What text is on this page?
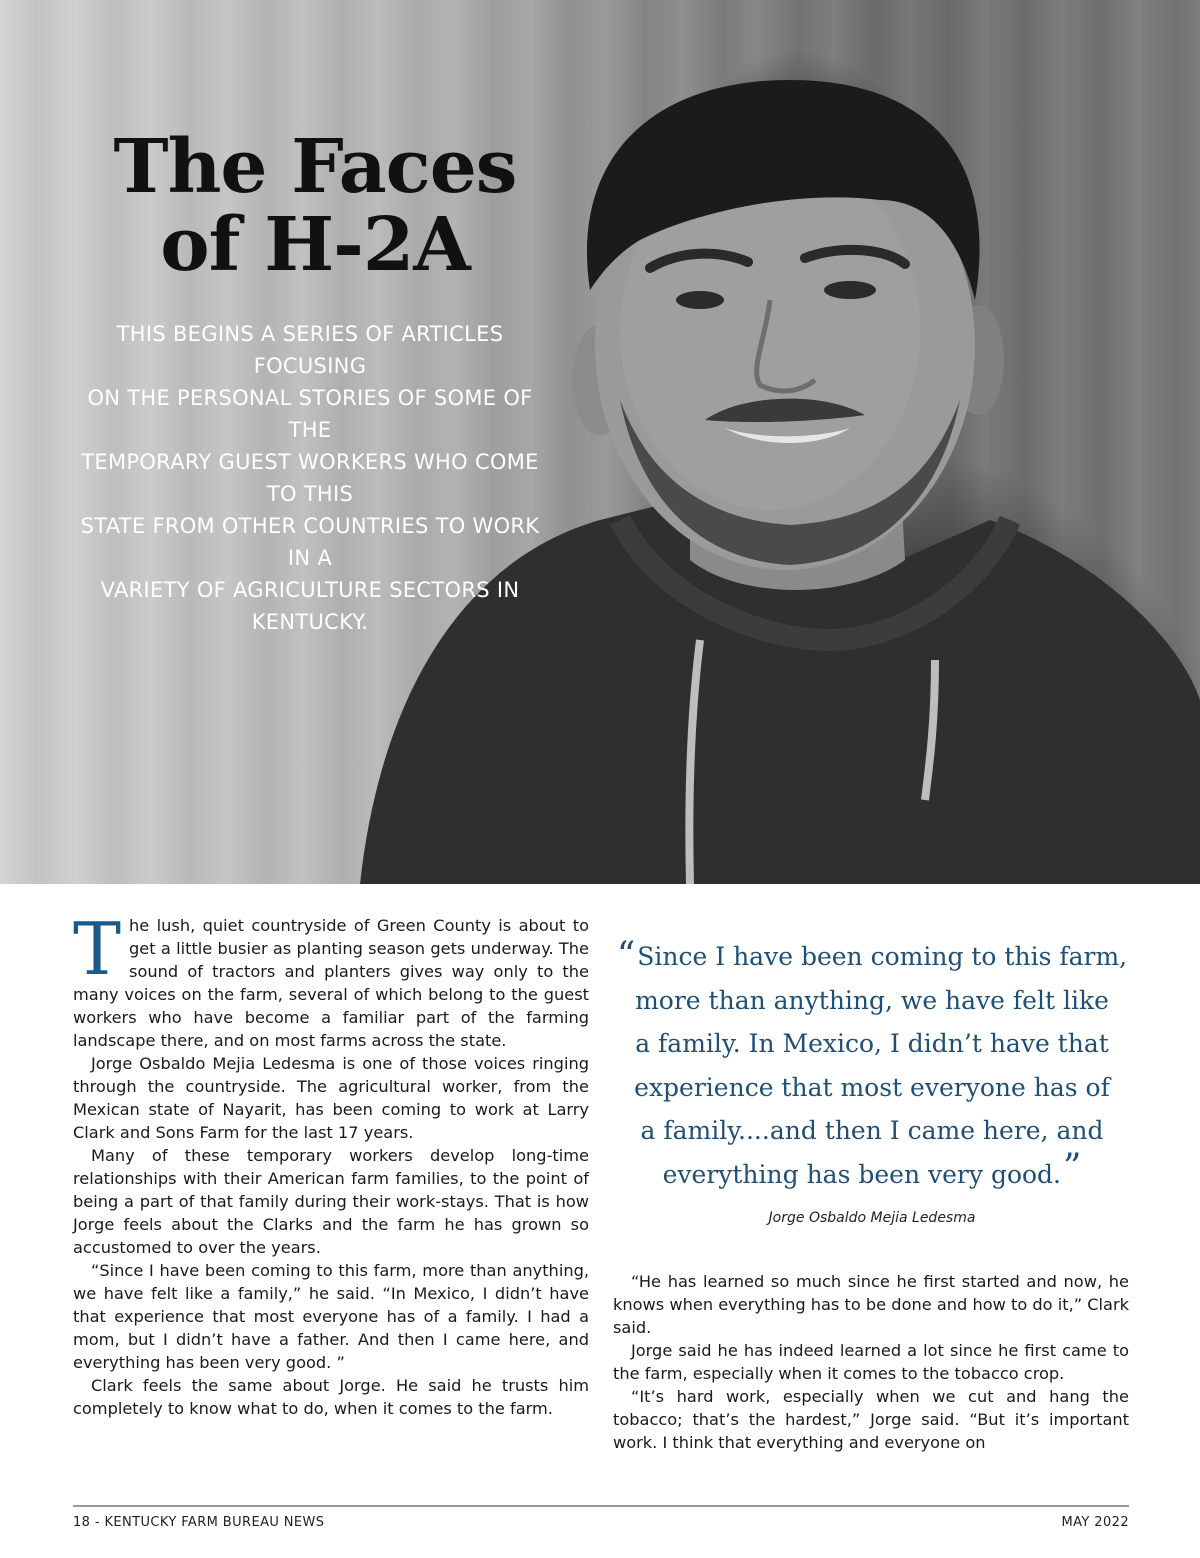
The Faces
of H-2A

THIS BEGINS A SERIES OF ARTICLES FOCUSING
ON THE PERSONAL STORIES OF SOME OF THE
TEMPORARY GUEST WORKERS WHO COME TO THIS
STATE FROM OTHER COUNTRIES TO WORK IN A
VARIETY OF AGRICULTURE SECTORS IN KENTUCKY.

The lush, quiet countryside of Green County is about to get a little busier as planting season gets underway. The sound of tractors and planters gives way only to the many voices on the farm, several of which belong to the guest workers who have become a familiar part of the farming landscape there, and on most farms across the state.

Jorge Osbaldo Mejia Ledesma is one of those voices ringing through the countryside. The agricultural worker, from the Mexican state of Nayarit, has been coming to work at Larry Clark and Sons Farm for the last 17 years.

Many of these temporary workers develop long-time relationships with their American farm families, to the point of being a part of that family during their work-stays. That is how Jorge feels about the Clarks and the farm he has grown so accustomed to over the years.

“Since I have been coming to this farm, more than anything, we have felt like a family,” he said. “In Mexico, I didn’t have that experience that most everyone has of a family. I had a mom, but I didn’t have a father. And then I came here, and everything has been very good. ”

Clark feels the same about Jorge. He said he trusts him completely to know what to do, when it comes to the farm.

“Since I have been coming to this farm,
more than anything, we have felt like
a family. In Mexico, I didn’t have that
experience that most everyone has of
a family....and then I came here, and
everything has been very good.”

Jorge Osbaldo Mejia Ledesma

“He has learned so much since he first started and now, he knows when everything has to be done and how to do it,” Clark said.

Jorge said he has indeed learned a lot since he first came to the farm, especially when it comes to the tobacco crop.

“It’s hard work, especially when we cut and hang the tobacco; that’s the hardest,” Jorge said. “But it’s important work. I think that everything and everyone on

18 - KENTUCKY FARM BUREAU NEWS	MAY 2022
